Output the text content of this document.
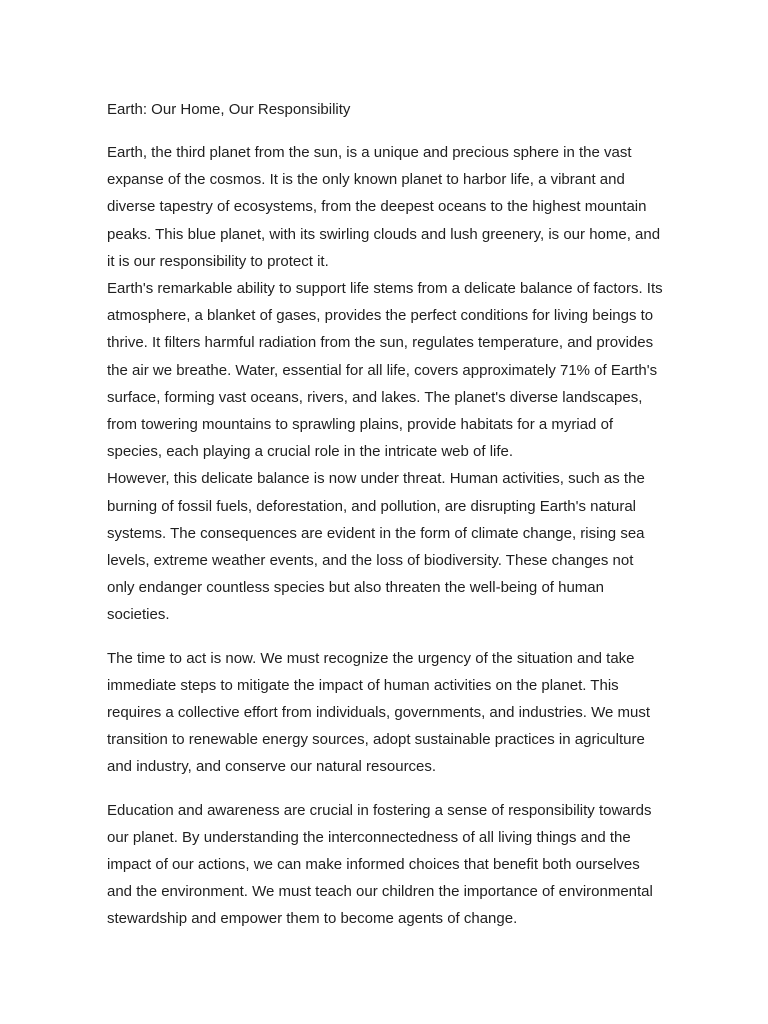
Earth: Our Home, Our Responsibility

Earth, the third planet from the sun, is a unique and precious sphere in the vast expanse of the cosmos. It is the only known planet to harbor life, a vibrant and diverse tapestry of ecosystems, from the deepest oceans to the highest mountain peaks. This blue planet, with its swirling clouds and lush greenery, is our home, and it is our responsibility to protect it.

Earth's remarkable ability to support life stems from a delicate balance of factors. Its atmosphere, a blanket of gases, provides the perfect conditions for living beings to thrive. It filters harmful radiation from the sun, regulates temperature, and provides the air we breathe. Water, essential for all life, covers approximately 71% of Earth's surface, forming vast oceans, rivers, and lakes. The planet's diverse landscapes, from towering mountains to sprawling plains, provide habitats for a myriad of species, each playing a crucial role in the intricate web of life.

However, this delicate balance is now under threat. Human activities, such as the burning of fossil fuels, deforestation, and pollution, are disrupting Earth's natural systems. The consequences are evident in the form of climate change, rising sea levels, extreme weather events, and the loss of biodiversity. These changes not only endanger countless species but also threaten the well-being of human societies.

The time to act is now. We must recognize the urgency of the situation and take immediate steps to mitigate the impact of human activities on the planet. This requires a collective effort from individuals, governments, and industries. We must transition to renewable energy sources, adopt sustainable practices in agriculture and industry, and conserve our natural resources.

Education and awareness are crucial in fostering a sense of responsibility towards our planet. By understanding the interconnectedness of all living things and the impact of our actions, we can make informed choices that benefit both ourselves and the environment. We must teach our children the importance of environmental stewardship and empower them to become agents of change.
